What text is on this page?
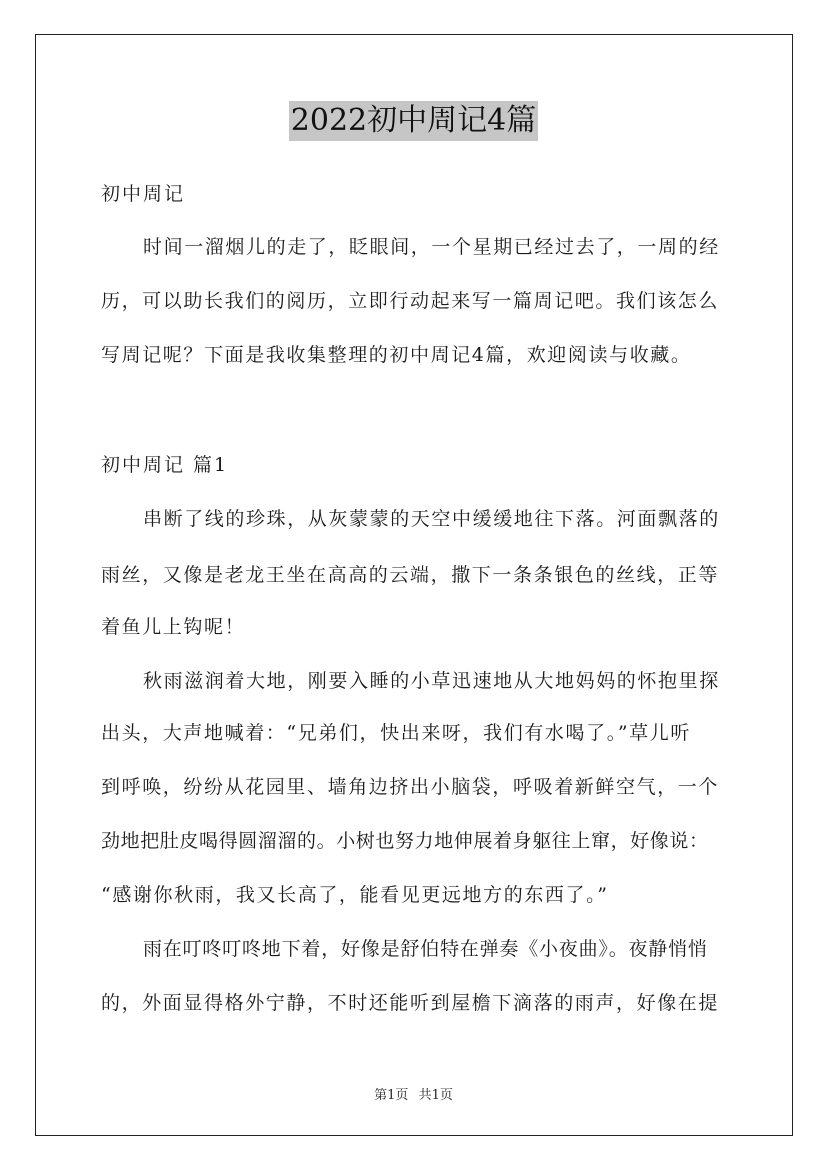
2022初中周记4篇
初中周记
时间一溜烟儿的走了，眨眼间，一个星期已经过去了，一周的经
历，可以助长我们的阅历，立即行动起来写一篇周记吧。我们该怎么
写周记呢？下面是我收集整理的初中周记4篇，欢迎阅读与收藏。
初中周记 篇1
串断了线的珍珠，从灰蒙蒙的天空中缓缓地往下落。河面飘落的
雨丝，又像是老龙王坐在高高的云端，撒下一条条银色的丝线，正等
着鱼儿上钩呢！
秋雨滋润着大地，刚要入睡的小草迅速地从大地妈妈的怀抱里探
出头，大声地喊着：“兄弟们，快出来呀，我们有水喝了。”草儿听
到呼唤，纷纷从花园里、墙角边挤出小脑袋，呼吸着新鲜空气，一个
劲地把肚皮喝得圆溜溜的。小树也努力地伸展着身躯往上窜，好像说：
“感谢你秋雨，我又长高了，能看见更远地方的东西了。”
雨在叮咚叮咚地下着，好像是舒伯特在弹奏《小夜曲》。夜静悄悄
的，外面显得格外宁静，不时还能听到屋檐下滴落的雨声，好像在提
第1页 共1页
